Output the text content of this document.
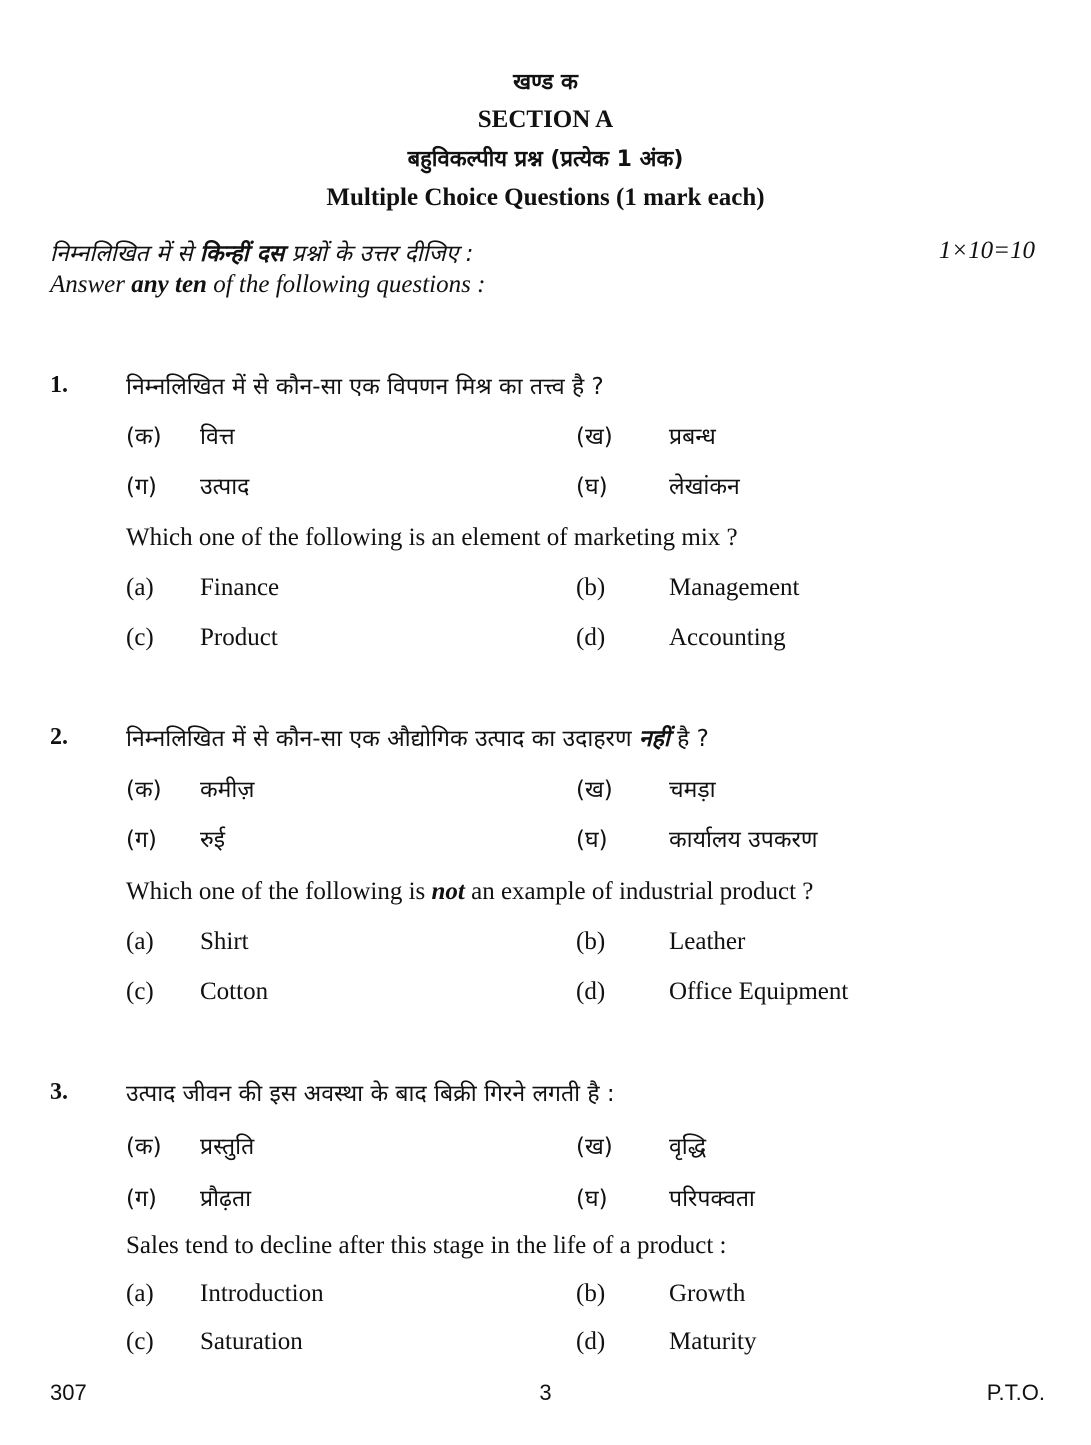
खण्ड क
SECTION A
बहुविकल्पीय प्रश्न (प्रत्येक 1 अंक)
Multiple Choice Questions (1 mark each)
निम्नलिखित में से किन्हीं दस प्रश्नों के उत्तर दीजिए :	1×10=10
Answer any ten of the following questions :
1.	निम्नलिखित में से कौन-सा एक विपणन मिश्र का तत्त्व है ?
(क) वित्त	(ख) प्रबन्ध
(ग) उत्पाद	(घ)	लेखांकन
Which one of the following is an element of marketing mix ?
(a) Finance	(b)	Management
(c) Product	(d)	Accounting
2.	निम्नलिखित में से कौन-सा एक औद्योगिक उत्पाद का उदाहरण नहीं है ?
(क) कमीज़	(ख) चमड़ा
(ग) रुई	(घ)	कार्यालय उपकरण
Which one of the following is not an example of industrial product ?
(a) Shirt	(b)	Leather
(c) Cotton	(d)	Office Equipment
3.	उत्पाद जीवन की इस अवस्था के बाद बिक्री गिरने लगती है :
(क) प्रस्तुति	(ख) वृद्धि
(ग) प्रौढ़ता	(घ)	परिपक्वता
Sales tend to decline after this stage in the life of a product :
(a) Introduction	(b)	Growth
(c) Saturation	(d)	Maturity
307	3	P.T.O.
